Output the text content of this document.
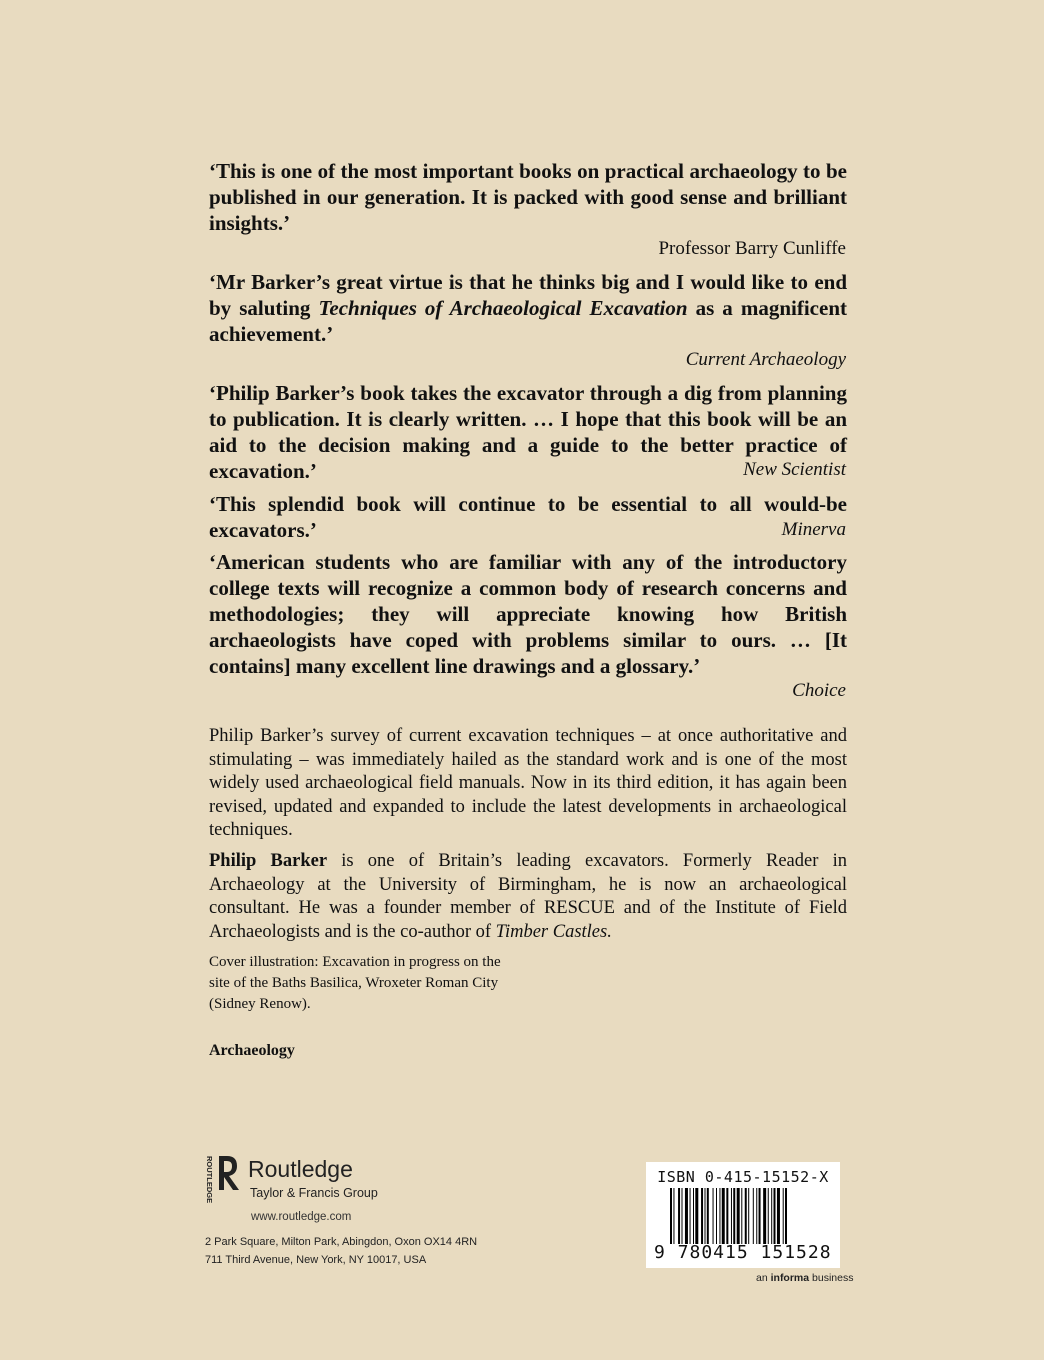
‘This is one of the most important books on practical archaeology to be published in our generation. It is packed with good sense and brilliant insights.’
Professor Barry Cunliffe
‘Mr Barker’s great virtue is that he thinks big and I would like to end by saluting Techniques of Archaeological Excavation as a magnificent achievement.’
Current Archaeology
‘Philip Barker’s book takes the excavator through a dig from planning to publication. It is clearly written. … I hope that this book will be an aid to the decision making and a guide to the better practice of excavation.’	New Scientist
‘This splendid book will continue to be essential to all would-be excavators.’	Minerva
‘American students who are familiar with any of the introductory college texts will recognize a common body of research concerns and methodologies; they will appreciate knowing how British archaeologists have coped with problems similar to ours. … [It contains] many excellent line drawings and a glossary.’
Choice
Philip Barker’s survey of current excavation techniques – at once authoritative and stimulating – was immediately hailed as the standard work and is one of the most widely used archaeological field manuals. Now in its third edition, it has again been revised, updated and expanded to include the latest developments in archaeological techniques.
Philip Barker is one of Britain’s leading excavators. Formerly Reader in Archaeology at the University of Birmingham, he is now an archaeological consultant. He was a founder member of RESCUE and of the Institute of Field Archaeologists and is the co-author of Timber Castles.
Cover illustration: Excavation in progress on the site of the Baths Basilica, Wroxeter Roman City (Sidney Renow).
Archaeology
ROUTLEDGE Routledge
Taylor & Francis Group
www.routledge.com
2 Park Square, Milton Park, Abingdon, Oxon OX14 4RN
711 Third Avenue, New York, NY 10017, USA
ISBN 0-415-15152-X
9 780415 151528
an informa business
